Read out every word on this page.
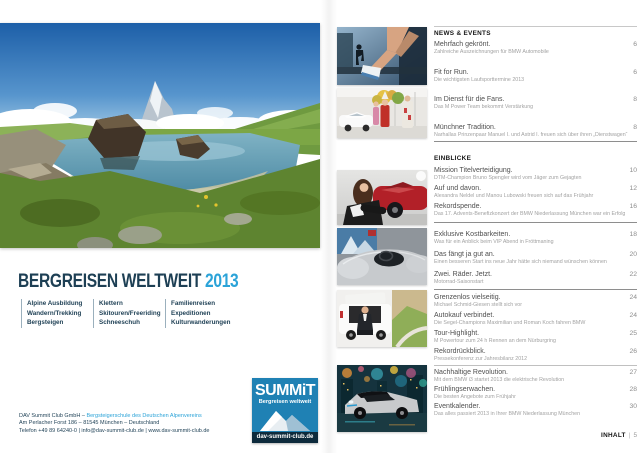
BERGREISEN WELTWEIT 2013
Alpine Ausbildung
Wandern/Trekking
Bergsteigen
Klettern
Skitouren/Freeriding
Schneeschuh
Familienreisen
Expeditionen
Kulturwanderungen
DAV Summit Club GmbH – Bergsteigerschule des Deutschen Alpenvereins
Am Perlacher Forst 186 – 81545 München – Deutschland
Telefon +49 89 64240-0 | info@dav-summit-club.de | www.dav-summit-club.de
SUMMiT
Bergreisen weltweit
dav-summit-club.de
NEWS & EVENTS
Mehrfach gekrönt.	6
Zahlreiche Auszeichnungen für BMW Automobile
Fit for Run.	6
Die wichtigsten Laufsporttermine 2013
Im Dienst für die Fans.	8
Das M Power Team bekommt Verstärkung
Münchner Tradition.	8
Narhallas Prinzenpaar Manuel I. und Astrid I. freuen sich über ihren „Dienstwagen“
EINBLICKE
Mission Titelverteidigung.	10
DTM-Champion Bruno Spengler wird vom Jäger zum Gejagten
Auf und davon.	12
Alexandra Neldel und Manou Lubowski freuen sich auf das Frühjahr
Rekordspende.	16
Das 17. Advents-Benefizkonzert der BMW Niederlassung München war ein Erfolg
Exklusive Kostbarkeiten.	18
Was für ein Anblick beim VIP Abend in Fröttmaning
Das fängt ja gut an.	20
Einen besseren Start ins neue Jahr hätte sich niemand wünschen können
Zwei. Räder. Jetzt.	22
Motorrad-Saisonstart
Grenzenlos vielseitig.	24
Michael Schmid-Giesen stellt sich vor
Autokauf verbindet.	24
Die Segel-Champions Maximilian und Roman Koch fahren BMW
Tour-Highlight.	25
M Powertour zum 24 h Rennen an dem Nürburgring
Rekordrückblick.	26
Pressekonferenz zur Jahresbilanz 2012
Nachhaltige Revolution.	27
Mit dem BMW i3 startet 2013 die elektrische Revolution
Frühlingserwachen.	28
Die besten Angebote zum Frühjahr
Eventkalender.	30
Das alles passiert 2013 in Ihrer BMW Niederlassung München
INHALT | 5
